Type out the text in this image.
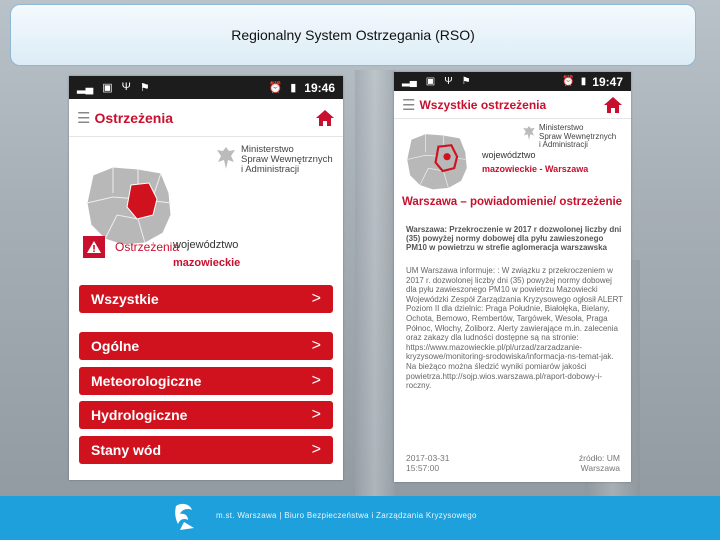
Regionalny System Ostrzegania (RSO)
▂▄ ▣ Ψ ⚑	⏰ ▮ 19:46
☰ Ostrzeżenia
Ministerstwo
Spraw Wewnętrznych
i Administracji
województwo
mazowieckie
Ostrzeżenia
Wszystkie	>
Ogólne	>
Meteorologiczne	>
Hydrologiczne	>
Stany wód	>
▂▄ ▣ Ψ ⚑	⏰ ▮ 19:47
☰ Wszystkie ostrzeżenia
Ministerstwo
Spraw Wewnętrznych
i Administracji
województwo
mazowieckie - Warszawa
Warszawa – powiadomienie/ ostrzeżenie
Warszawa: Przekroczenie w 2017 r dozwolonej liczby dni (35) powyżej normy dobowej dla pyłu zawieszonego PM10 w powietrzu w strefie aglomeracja warszawska
UM Warszawa informuje: : W związku z przekroczeniem w 2017 r. dozwolonej liczby dni (35) powyżej normy dobowej dla pyłu zawieszonego PM10 w powietrzu Mazowiecki Wojewódzki Zespół Zarządzania Kryzysowego ogłosił ALERT Poziom II dla dzielnic: Praga Południe, Białołęka, Bielany, Ochota, Bemowo, Rembertów, Targówek, Wesoła, Praga Północ, Włochy, Żoliborz. Alerty zawierające m.in. zalecenia oraz zakazy dla ludności dostępne są na stronie: https://www.mazowieckie.pl/pl/urzad/zarzadzanie-kryzysowe/monitoring-srodowiska/informacja-ns-temat-jak. Na bieżąco można śledzić wyniki pomiarów jakości powietrza.http://sojp.wios.warszawa.pl/raport-dobowy-i-roczny.
2017-03-31
15:57:00
źródło: UM
Warszawa
m.st. Warszawa | Biuro Bezpieczeństwa i Zarządzania Kryzysowego
